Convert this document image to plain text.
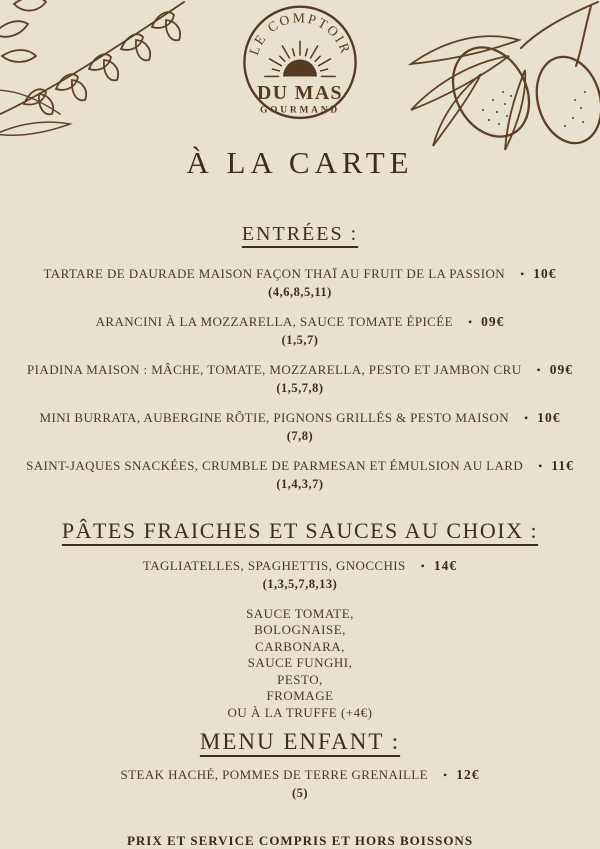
LE COMPTOIR
DU MAS
GOURMAND
À LA CARTE
ENTRÉES :
TARTARE DE DAURADE MAISON FAÇON THAÏ AU FRUIT DE LA PASSION • 10€
(4,6,8,5,11)
ARANCINI À LA MOZZARELLA, SAUCE TOMATE ÉPICÉE • 09€
(1,5,7)
PIADINA MAISON : MÂCHE, TOMATE, MOZZARELLA, PESTO ET JAMBON CRU • 09€
(1,5,7,8)
MINI BURRATA, AUBERGINE RÔTIE, PIGNONS GRILLÉS & PESTO MAISON • 10€
(7,8)
SAINT-JAQUES SNACKÉES, CRUMBLE DE PARMESAN ET ÉMULSION AU LARD • 11€
(1,4,3,7)
PÂTES FRAICHES ET SAUCES AU CHOIX :
TAGLIATELLES, SPAGHETTIS, GNOCCHIS • 14€
(1,3,5,7,8,13)
SAUCE TOMATE,
BOLOGNAISE,
CARBONARA,
SAUCE FUNGHI,
PESTO,
FROMAGE
OU À LA TRUFFE (+4€)
MENU ENFANT :
STEAK HACHÉ, POMMES DE TERRE GRENAILLE • 12€
(5)
PRIX ET SERVICE COMPRIS ET HORS BOISSONS
